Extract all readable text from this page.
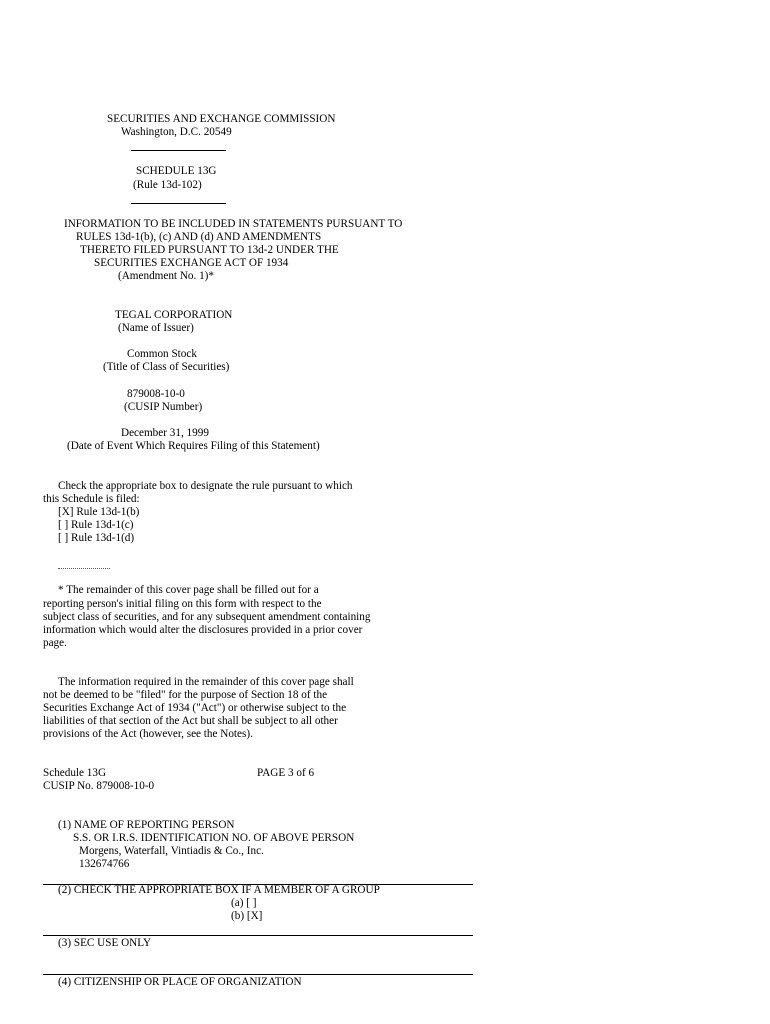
SECURITIES AND EXCHANGE COMMISSION
Washington, D.C. 20549
SCHEDULE 13G
(Rule 13d-102)
INFORMATION TO BE INCLUDED IN STATEMENTS PURSUANT TO
RULES 13d-1(b), (c) AND (d) AND AMENDMENTS
THERETO FILED PURSUANT TO 13d-2 UNDER THE
SECURITIES EXCHANGE ACT OF 1934
(Amendment No. 1)*
TEGAL CORPORATION
(Name of Issuer)
Common Stock
(Title of Class of Securities)
879008-10-0
(CUSIP Number)
December 31, 1999
(Date of Event Which Requires Filing of this Statement)
Check the appropriate box to designate the rule pursuant to which
this Schedule is filed:
[X] Rule 13d-1(b)
[ ] Rule 13d-1(c)
[ ] Rule 13d-1(d)
* The remainder of this cover page shall be filled out for a
reporting person's initial filing on this form with respect to the
subject class of securities, and for any subsequent amendment containing
information which would alter the disclosures provided in a prior cover
page.
The information required in the remainder of this cover page shall
not be deemed to be "filed" for the purpose of Section 18 of the
Securities Exchange Act of 1934 ("Act") or otherwise subject to the
liabilities of that section of the Act but shall be subject to all other
provisions of the Act (however, see the Notes).
Schedule 13G	PAGE 3 of 6
CUSIP No. 879008-10-0
(1) NAME OF REPORTING PERSON
S.S. OR I.R.S. IDENTIFICATION NO. OF ABOVE PERSON
Morgens, Waterfall, Vintiadis & Co., Inc.
132674766
(2) CHECK THE APPROPRIATE BOX IF A MEMBER OF A GROUP
(a) [ ]
(b) [X]
(3) SEC USE ONLY
(4) CITIZENSHIP OR PLACE OF ORGANIZATION
